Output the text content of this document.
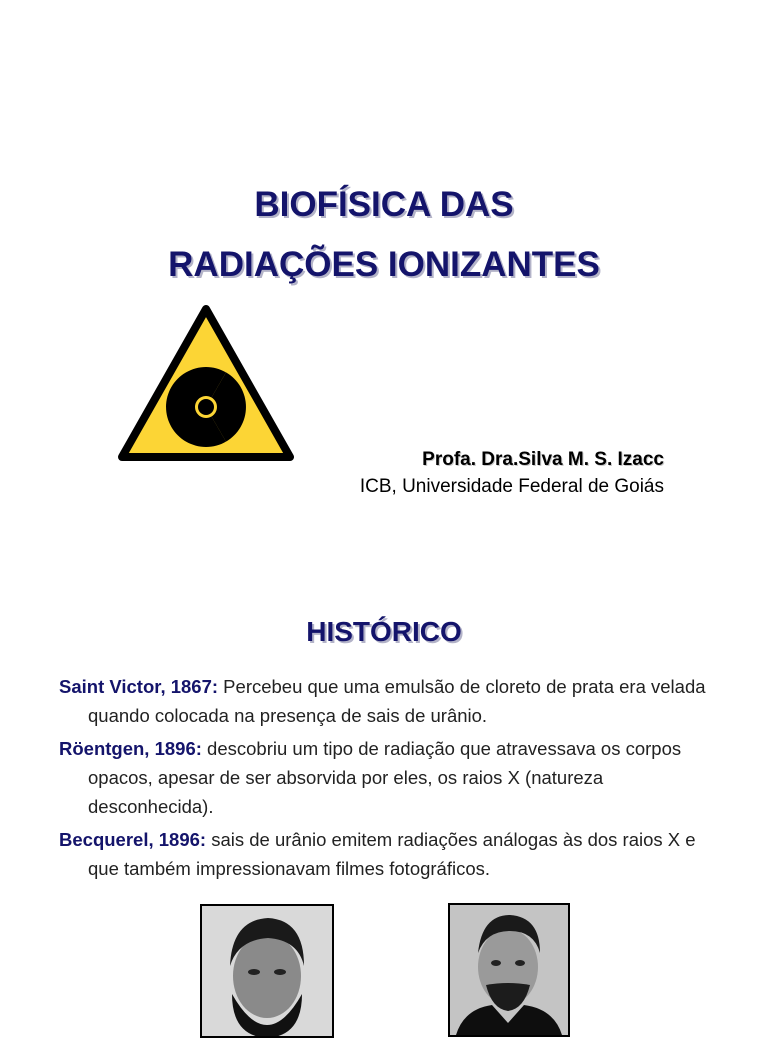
BIOFÍSICA DAS
RADIAÇÕES IONIZANTES
Profa. Dra.Silva M. S. Izacc
ICB, Universidade Federal de Goiás
HISTÓRICO
Saint Victor, 1867: Percebeu que uma emulsão de cloreto de prata era velada quando colocada na presença de sais de urânio.
Röentgen, 1896: descobriu um tipo de radiação que atravessava os corpos opacos, apesar de ser absorvida por eles, os raios X (natureza desconhecida).
Becquerel, 1896: sais de urânio emitem radiações análogas às dos raios X e que também impressionavam filmes fotográficos.
